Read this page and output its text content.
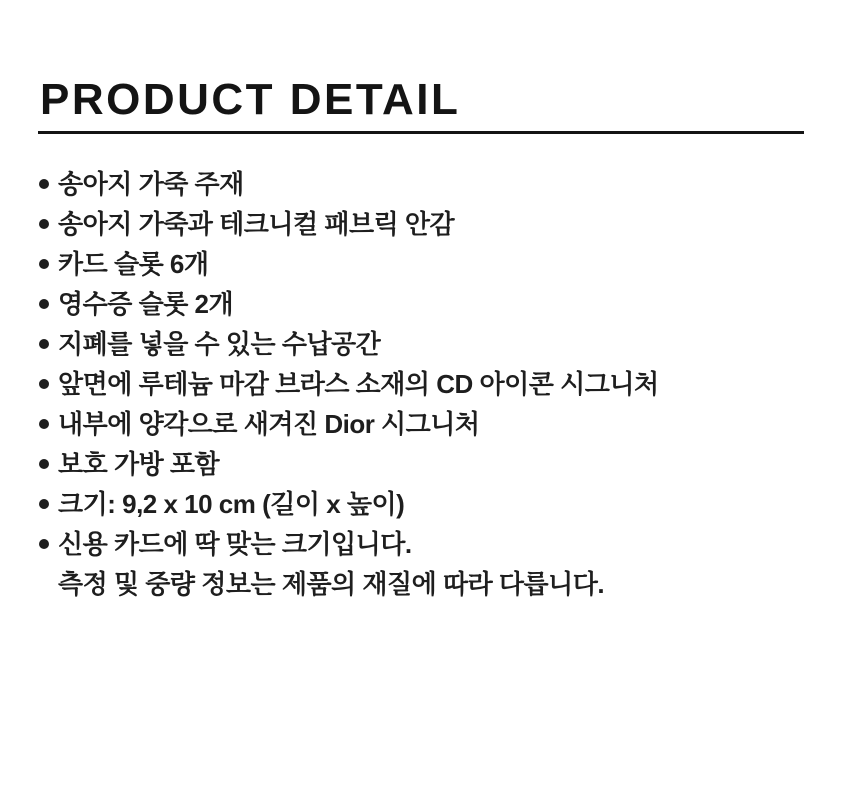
PRODUCT DETAIL
송아지 가죽 주재
송아지 가죽과 테크니컬 패브릭 안감
카드 슬롯 6개
영수증 슬롯 2개
지폐를 넣을 수 있는 수납공간
앞면에 루테늄 마감 브라스 소재의 CD 아이콘 시그니처
내부에 양각으로 새겨진 Dior 시그니처
보호 가방 포함
크기: 9,2 x 10 cm (길이 x 높이)
신용 카드에 딱 맞는 크기입니다.
측정 및 중량 정보는 제품의 재질에 따라 다릅니다.
